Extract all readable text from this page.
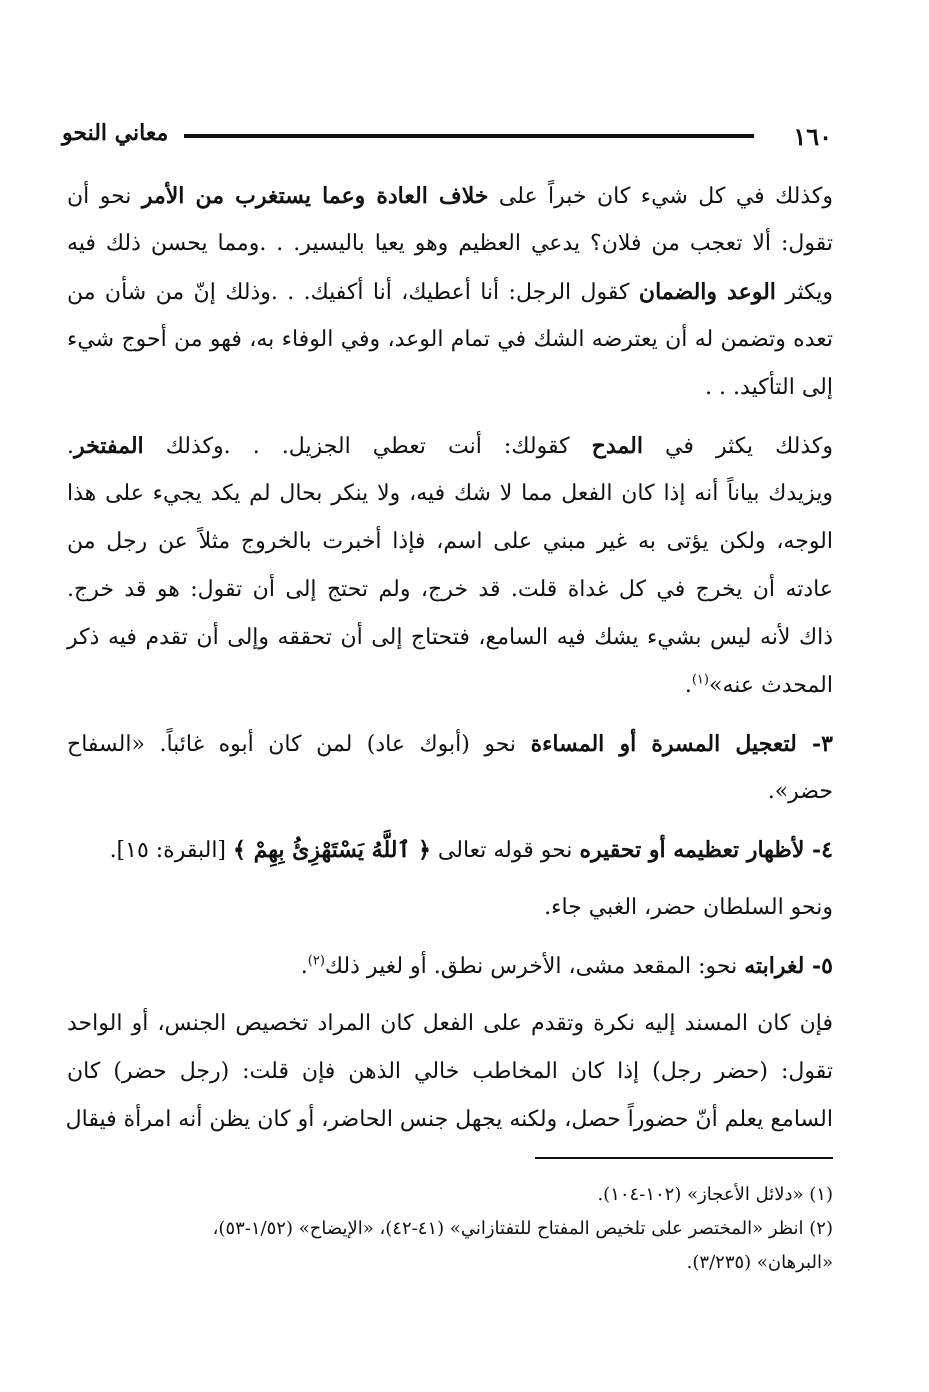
١٦٠
معاني النحو
وكذلك في كل شيء كان خبراً على خلاف العادة وعما يستغرب من الأمر نحو أن
تقول: ألا تعجب من فلان؟ يدعي العظيم وهو يعيا باليسير. . .ومما يحسن ذلك فيه
ويكثر الوعد والضمان كقول الرجل: أنا أعطيك، أنا أكفيك. . .وذلك إنّ من شأن من
تعده وتضمن له أن يعترضه الشك في تمام الوعد، وفي الوفاء به، فهو من أحوج شيء
إلى التأكيد. . .
وكذلك يكثر في المدح كقولك: أنت تعطي الجزيل. . .وكذلك المفتخر.
ويزيدك بياناً أنه إذا كان الفعل مما لا شك فيه، ولا ينكر بحال لم يكد يجيء على هذا
الوجه، ولكن يؤتى به غير مبني على اسم، فإذا أخبرت بالخروج مثلاً عن رجل من
عادته أن يخرج في كل غداة قلت. قد خرج، ولم تحتج إلى أن تقول: هو قد خرج.
ذاك لأنه ليس بشيء يشك فيه السامع، فتحتاج إلى أن تحققه وإلى أن تقدم فيه ذكر
المحدث عنه»$^{(١)}$.
٣- لتعجيل المسرة أو المساءة نحو (أبوك عاد) لمن كان أبوه غائباً. «السفاح
حضر».
٤- لأظهار تعظيمه أو تحقيره نحو قوله تعالى ﴿ ٱللَّهُ يَسْتَهْزِئُ بِهِمْ ﴾ [البقرة: ١٥].
ونحو السلطان حضر، الغبي جاء.
٥- لغرابته نحو: المقعد مشى، الأخرس نطق. أو لغير ذلك$^{(٢)}$.
فإن كان المسند إليه نكرة وتقدم على الفعل كان المراد تخصيص الجنس، أو الواحد
تقول: (حضر رجل) إذا كان المخاطب خالي الذهن فإن قلت: (رجل حضر) كان
السامع يعلم أنّ حضوراً حصل، ولكنه يجهل جنس الحاضر، أو كان يظن أنه امرأة فيقال
(١) «دلائل الأعجاز» (١٠٢-١٠٤).
(٢) انظر «المختصر على تلخيص المفتاح للتفتازاني» (٤١-٤٢)، «الإيضاح» (١/٥٢-٥٣)،
«البرهان» (٣/٢٣٥).
